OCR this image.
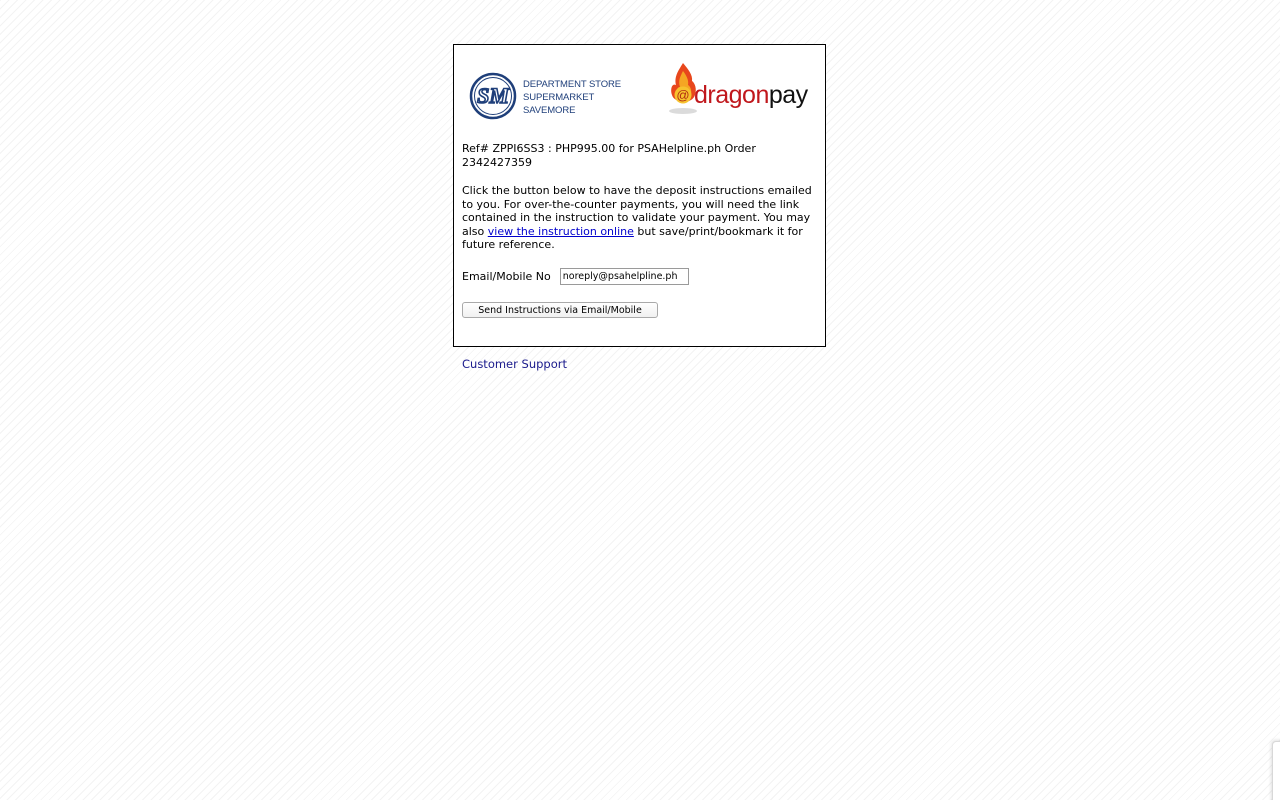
SM DEPARTMENT STORE
SUPERMARKET
SAVEMORE
@ dragonpay
Ref# ZPPI6SS3 : PHP995.00 for PSAHelpline.ph Order 2342427359
Click the button below to have the deposit instructions emailed to you. For over-the-counter payments, you will need the link contained in the instruction to validate your payment. You may also view the instruction online but save/print/bookmark it for future reference.
Email/Mobile No
noreply@psahelpline.ph
Send Instructions via Email/Mobile
Customer Support
